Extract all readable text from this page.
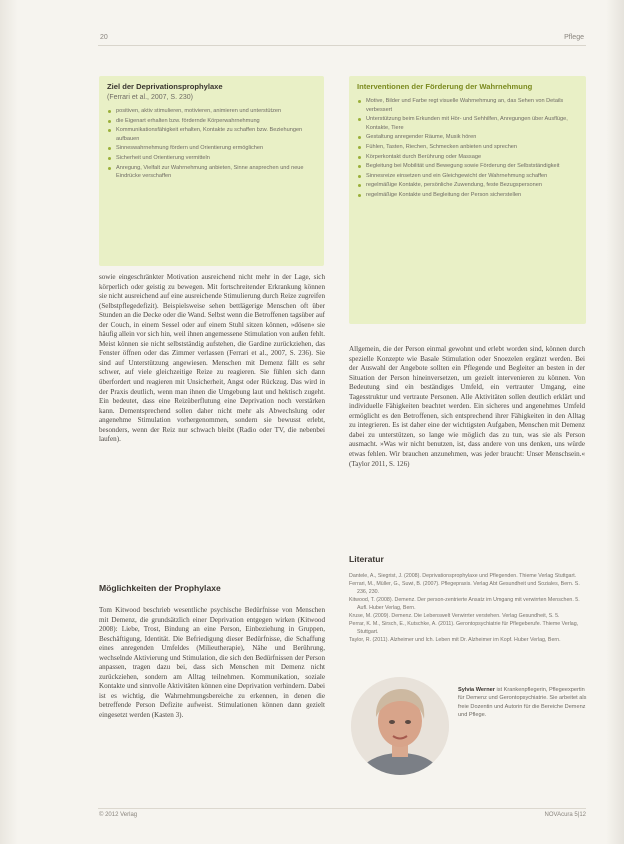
20	Pflege
Ziel der Deprivationsprophylaxe
(Ferrari et al., 2007, S. 230)
positiven, aktiv stimulieren, motivieren, animieren und unterstützen
die Eigenart erhalten bzw. fördernde Körperwahrnehmung
Kommunikationsfähigkeit erhalten, Kontakte zu schaffen bzw. Beziehungen aufbauen
Sinneswahrnehmung fördern und Orientierung ermöglichen
Sicherheit und Orientierung vermitteln
Anregung, Vielfalt zur Wahrnehmung anbieten, Sinne ansprechen und neue Eindrücke verschaffen
Interventionen der Förderung der Wahrnehmung
Motive, Bilder und Farbe regt visuelle Wahrnehmung an, das Sehen von Details verbessert
Unterstützung beim Erkunden mit Hör- und Sehhilfen, Anregungen über Ausflüge, Kontakte, Tiere
Gestaltung anregender Räume, Musik hören
Fühlen, Tasten, Riechen, Schmecken anbieten und sprechen
Körperkontakt durch Berührung oder Massage
Begleitung bei Mobilität und Bewegung sowie Förderung der Selbstständigkeit
Sinnesreize einsetzen und ein Gleichgewicht der Wahrnehmung schaffen
regelmäßige Kontakte, persönliche Zuwendung, feste Bezugspersonen
regelmäßige Kontakte und Begleitung der Person sicherstellen

sowie eingeschränkter Motivation ausreichend nicht mehr in der Lage, sich körperlich oder geistig zu bewegen. Mit fortschreitender Erkrankung können sie nicht ausreichend auf eine ausreichende Stimulierung durch Reize zugreifen (Selbstpflegedefizit). Beispielsweise sehen bettlägerige Menschen oft über Stunden an die Decke oder die Wand. Selbst wenn die Betroffenen tagsüber auf der Couch, in einem Sessel oder auf einem Stuhl sitzen können, »dösen« sie häufig allein vor sich hin, weil ihnen angemessene Stimulation von außen fehlt. Meist können sie nicht selbstständig aufstehen, die Gardine zurückziehen, das Fenster öffnen oder das Zimmer verlassen (Ferrari et al., 2007, S. 236). Sie sind auf Unterstützung angewiesen. Menschen mit Demenz fällt es sehr schwer, auf viele gleichzeitige Reize zu reagieren. Sie fühlen sich dann überfordert und reagieren mit Unsicherheit, Angst oder Rückzug. Das wird in der Praxis deutlich, wenn man ihnen die Umgebung laut und hektisch zugeht. Ein bedeutet, dass eine Reizüberflutung eine Deprivation noch verstärken kann. Dementsprechend sollen daher nicht mehr als Abwechslung oder angenehme Stimulation vorhergenommen, sondern sie bewusst erlebt, besonders, wenn der Reiz nur schwach bleibt (Radio oder TV, die nebenbei laufen).

Allgemein, die der Person einmal gewohnt und erlebt worden sind, können durch spezielle Konzepte wie Basale Stimulation oder Snoezelen ergänzt werden. Bei der Auswahl der Angebote sollten ein Pflegende und Begleiter an besten in der Situation der Person hineinversetzen, um gezielt intervenieren zu können. Von Bedeutung sind ein beständiges Umfeld, ein vertrauter Umgang, eine Tagesstruktur und vertraute Personen. Alle Aktivitäten sollen deutlich erklärt und individuelle Fähigkeiten beachtet werden. Ein sicheres und angenehmes Umfeld ermöglicht es den Betroffenen, sich entsprechend ihrer Fähigkeiten in den Alltag zu integrieren. Es ist daher eine der wichtigsten Aufgaben, Menschen mit Demenz dabei zu unterstützen, so lange wie möglich das zu tun, was sie als Person ausmacht. »Was wir nicht benutzen, ist, dass andere von uns denken, uns würde etwas fehlen. Wir brauchen anzunehmen, was jeder braucht: Unser Menschsein.« (Taylor 2011, S. 126)

Möglichkeiten der Prophylaxe

Tom Kitwood beschrieb wesentliche psychische Bedürfnisse von Menschen mit Demenz, die grundsätzlich einer Deprivation entgegen wirken (Kitwood 2008): Liebe, Trost, Bindung an eine Person, Einbeziehung in Gruppen, Beschäftigung, Identität. Die Befriedigung dieser Bedürfnisse, die Schaffung eines anregenden Umfeldes (Milieutherapie), Nähe und Berührung, wechselnde Aktivierung und Stimulation, die sich den Bedürfnissen der Person anpassen, tragen dazu bei, dass sich Menschen mit Demenz nicht zurückziehen, sondern am Alltag teilnehmen. Kommunikation, soziale Kontakte und sinnvolle Aktivitäten können eine Deprivation verhindern. Dabei ist es wichtig, die Wahrnehmungsbereiche zu erkennen, in denen die betreffende Person Defizite aufweist. Stimulationen können dann gezielt eingesetzt werden (Kasten 3).

Literatur

Dantele, A., Siegrist, J. (2008). Deprivationsprophylaxe und Pflegenden. Thieme Verlag Stuttgart.

Ferrari, M., Müller, G., Suwi, B. (2007). Pflegepraxis. Verlag Abt Gesundheit und Soziales, Bern. S. 236, 230.

Kitwood, T. (2008). Demenz. Der person-zentrierte Ansatz im Umgang mit verwirrten Menschen. 5. Aufl. Huber Verlag, Bern.

Kruse, M. (2009). Demenz. Die Lebenswelt Verwirrter verstehen. Verlag Gesundheit, S. 5.

Perrar, K. M., Sirsch, E., Kutschke, A. (2011). Gerontopsychiatrie für Pflegeberufe. Thieme Verlag, Stuttgart.

Taylor, R. (2011). Alzheimer und Ich. Leben mit Dr. Alzheimer im Kopf. Huber Verlag, Bern.

Sylvia Werner ist Krankenpflegerin, Pflegeexpertin für Demenz und Gerontopsychiatrie. Sie arbeitet als freie Dozentin und Autorin für die Bereiche Demenz und Pflege.
© 2012 Verlag	NOVAcura 5|12
